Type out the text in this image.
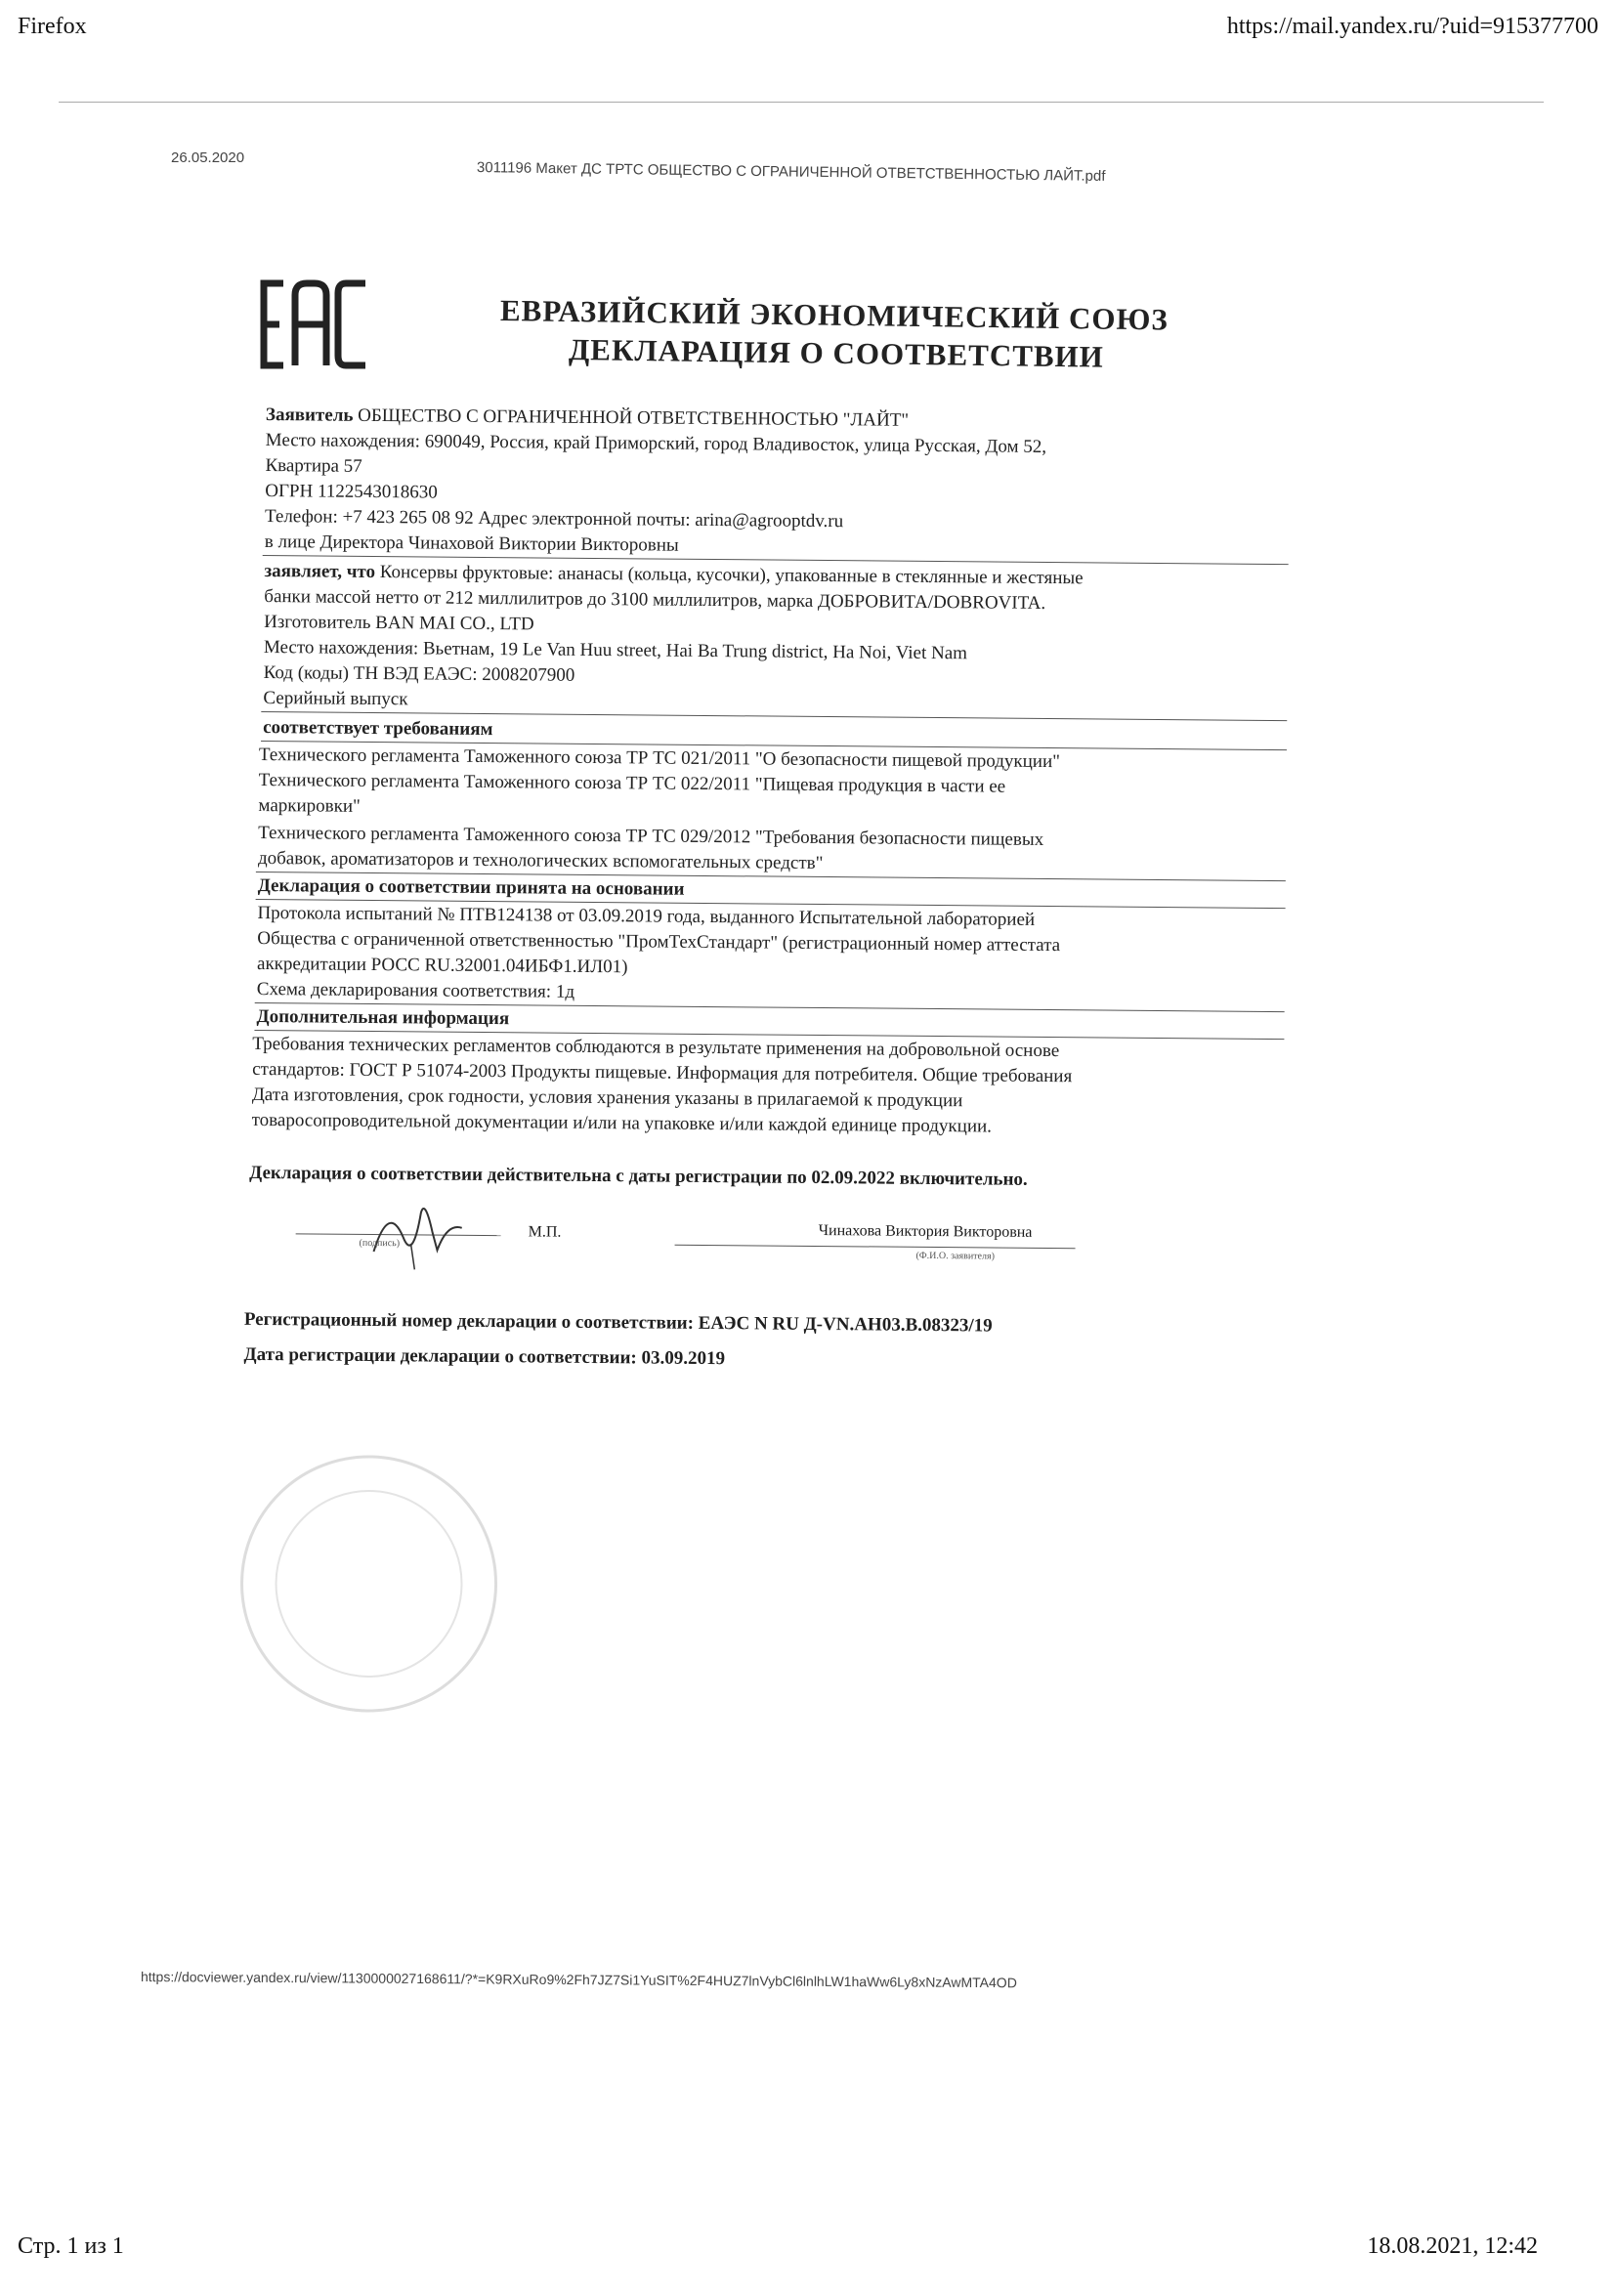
Firefox	https://mail.yandex.ru/?uid=915377700
26.05.2020
3011196 Макет ДС ТРТС ОБЩЕСТВО С ОГРАНИЧЕННОЙ ОТВЕТСТВЕННОСТЬЮ ЛАЙТ.pdf
ЕВРАЗИЙСКИЙ ЭКОНОМИЧЕСКИЙ СОЮЗ
ДЕКЛАРАЦИЯ О СООТВЕТСТВИИ
Заявитель ОБЩЕСТВО С ОГРАНИЧЕННОЙ ОТВЕТСТВЕННОСТЬЮ "ЛАЙТ"
Место нахождения: 690049, Россия, край Приморский, город Владивосток, улица Русская, Дом 52,
Квартира 57
ОГРН 1122543018630
Телефон: +7 423 265 08 92 Адрес электронной почты: arina@agrooptdv.ru
в лице Директора Чинаховой Виктории Викторовны
заявляет, что Консервы фруктовые: ананасы (кольца, кусочки), упакованные в стеклянные и жестяные
банки массой нетто от 212 миллилитров до 3100 миллилитров, марка ДОБРОВИТА/DOBROVITA.
Изготовитель BAN MAI CO., LTD
Место нахождения: Вьетнам, 19 Le Van Huu street, Hai Ba Trung district, Ha Noi, Viet Nam
Код (коды) ТН ВЭД ЕАЭС: 2008207900
Серийный выпуск
соответствует требованиям
Технического регламента Таможенного союза ТР ТС 021/2011 "О безопасности пищевой продукции"
Технического регламента Таможенного союза ТР ТС 022/2011 "Пищевая продукция в части ее
маркировки"
Технического регламента Таможенного союза ТР ТС 029/2012 "Требования безопасности пищевых
добавок, ароматизаторов и технологических вспомогательных средств"
Декларация о соответствии принята на основании
Протокола испытаний № ПТВ124138 от 03.09.2019 года, выданного Испытательной лабораторией
Общества с ограниченной ответственностью "ПромТехСтандарт" (регистрационный номер аттестата
аккредитации РОСС RU.32001.04ИБФ1.ИЛ01)
Схема декларирования соответствия: 1д
Дополнительная информация
Требования технических регламентов соблюдаются в результате применения на добровольной основе
стандартов: ГОСТ Р 51074-2003 Продукты пищевые. Информация для потребителя. Общие требования
Дата изготовления, срок годности, условия хранения указаны в прилагаемой к продукции
товаросопроводительной документации и/или на упаковке и/или каждой единице продукции.
Декларация о соответствии действительна с даты регистрации по 02.09.2022 включительно.
(подпись)
М.П.	Чинахова Виктория Викторовна
(Ф.И.О. заявителя)
Регистрационный номер декларации о соответствии: ЕАЭС N RU Д-VN.АН03.В.08323/19
Дата регистрации декларации о соответствии: 03.09.2019
https://docviewer.yandex.ru/view/1130000027168611/?*=K9RXuRo9%2Fh7JZ7Si1YuSIT%2F4HUZ7lnVybCl6lnlhLW1haWw6Ly8xNzAwMTA4OD
Стр. 1 из 1	18.08.2021, 12:42
